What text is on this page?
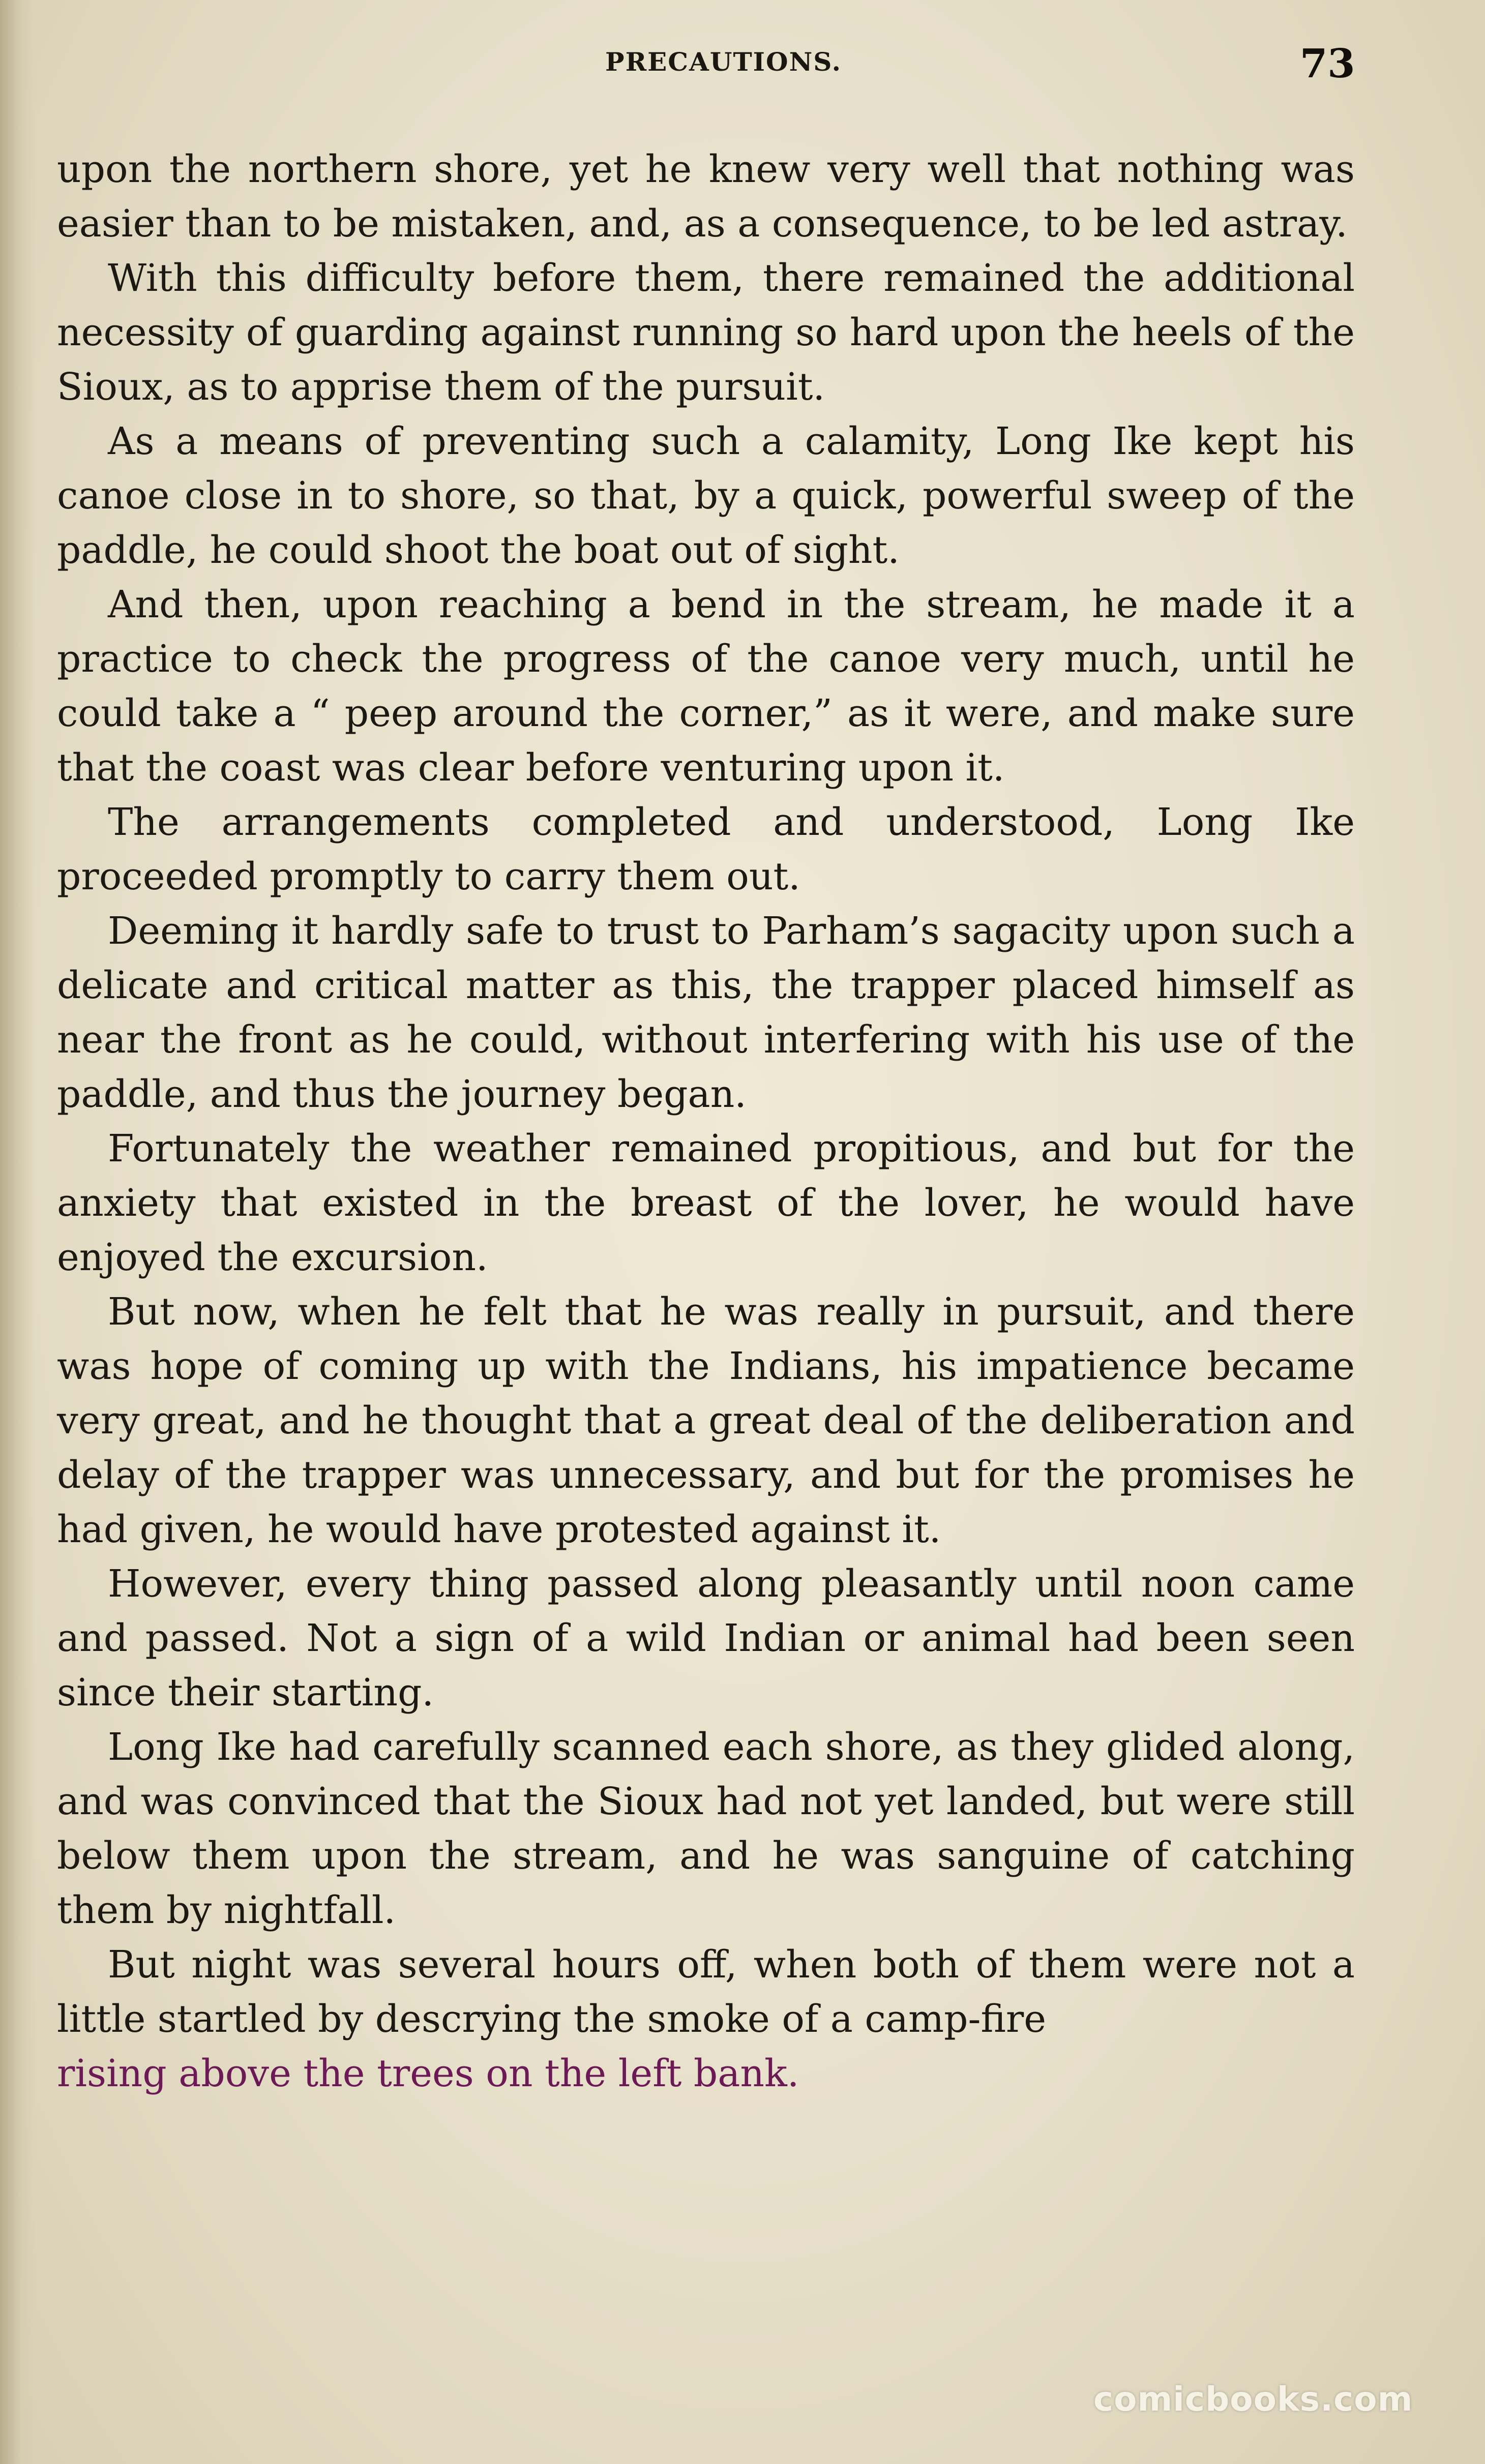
PRECAUTIONS.	73

upon the northern shore, yet he knew very well that nothing was easier than to be mistaken, and, as a consequence, to be led astray.

With this difficulty before them, there remained the additional necessity of guarding against running so hard upon the heels of the Sioux, as to apprise them of the pursuit.

As a means of preventing such a calamity, Long Ike kept his canoe close in to shore, so that, by a quick, powerful sweep of the paddle, he could shoot the boat out of sight.

And then, upon reaching a bend in the stream, he made it a practice to check the progress of the canoe very much, until he could take a “ peep around the corner,” as it were, and make sure that the coast was clear before venturing upon it.

The arrangements completed and understood, Long Ike proceeded promptly to carry them out.

Deeming it hardly safe to trust to Parham’s sagacity upon such a delicate and critical matter as this, the trapper placed himself as near the front as he could, without interfering with his use of the paddle, and thus the journey began.

Fortunately the weather remained propitious, and but for the anxiety that existed in the breast of the lover, he would have enjoyed the excursion.

But now, when he felt that he was really in pursuit, and there was hope of coming up with the Indians, his impatience became very great, and he thought that a great deal of the deliberation and delay of the trapper was unnecessary, and but for the promises he had given, he would have protested against it.

However, every thing passed along pleasantly until noon came and passed. Not a sign of a wild Indian or animal had been seen since their starting.

Long Ike had carefully scanned each shore, as they glided along, and was convinced that the Sioux had not yet landed, but were still below them upon the stream, and he was sanguine of catching them by nightfall.

But night was several hours off, when both of them were not a little startled by descrying the smoke of a camp-fire

rising above the trees on the left bank.

comicbooks.com
